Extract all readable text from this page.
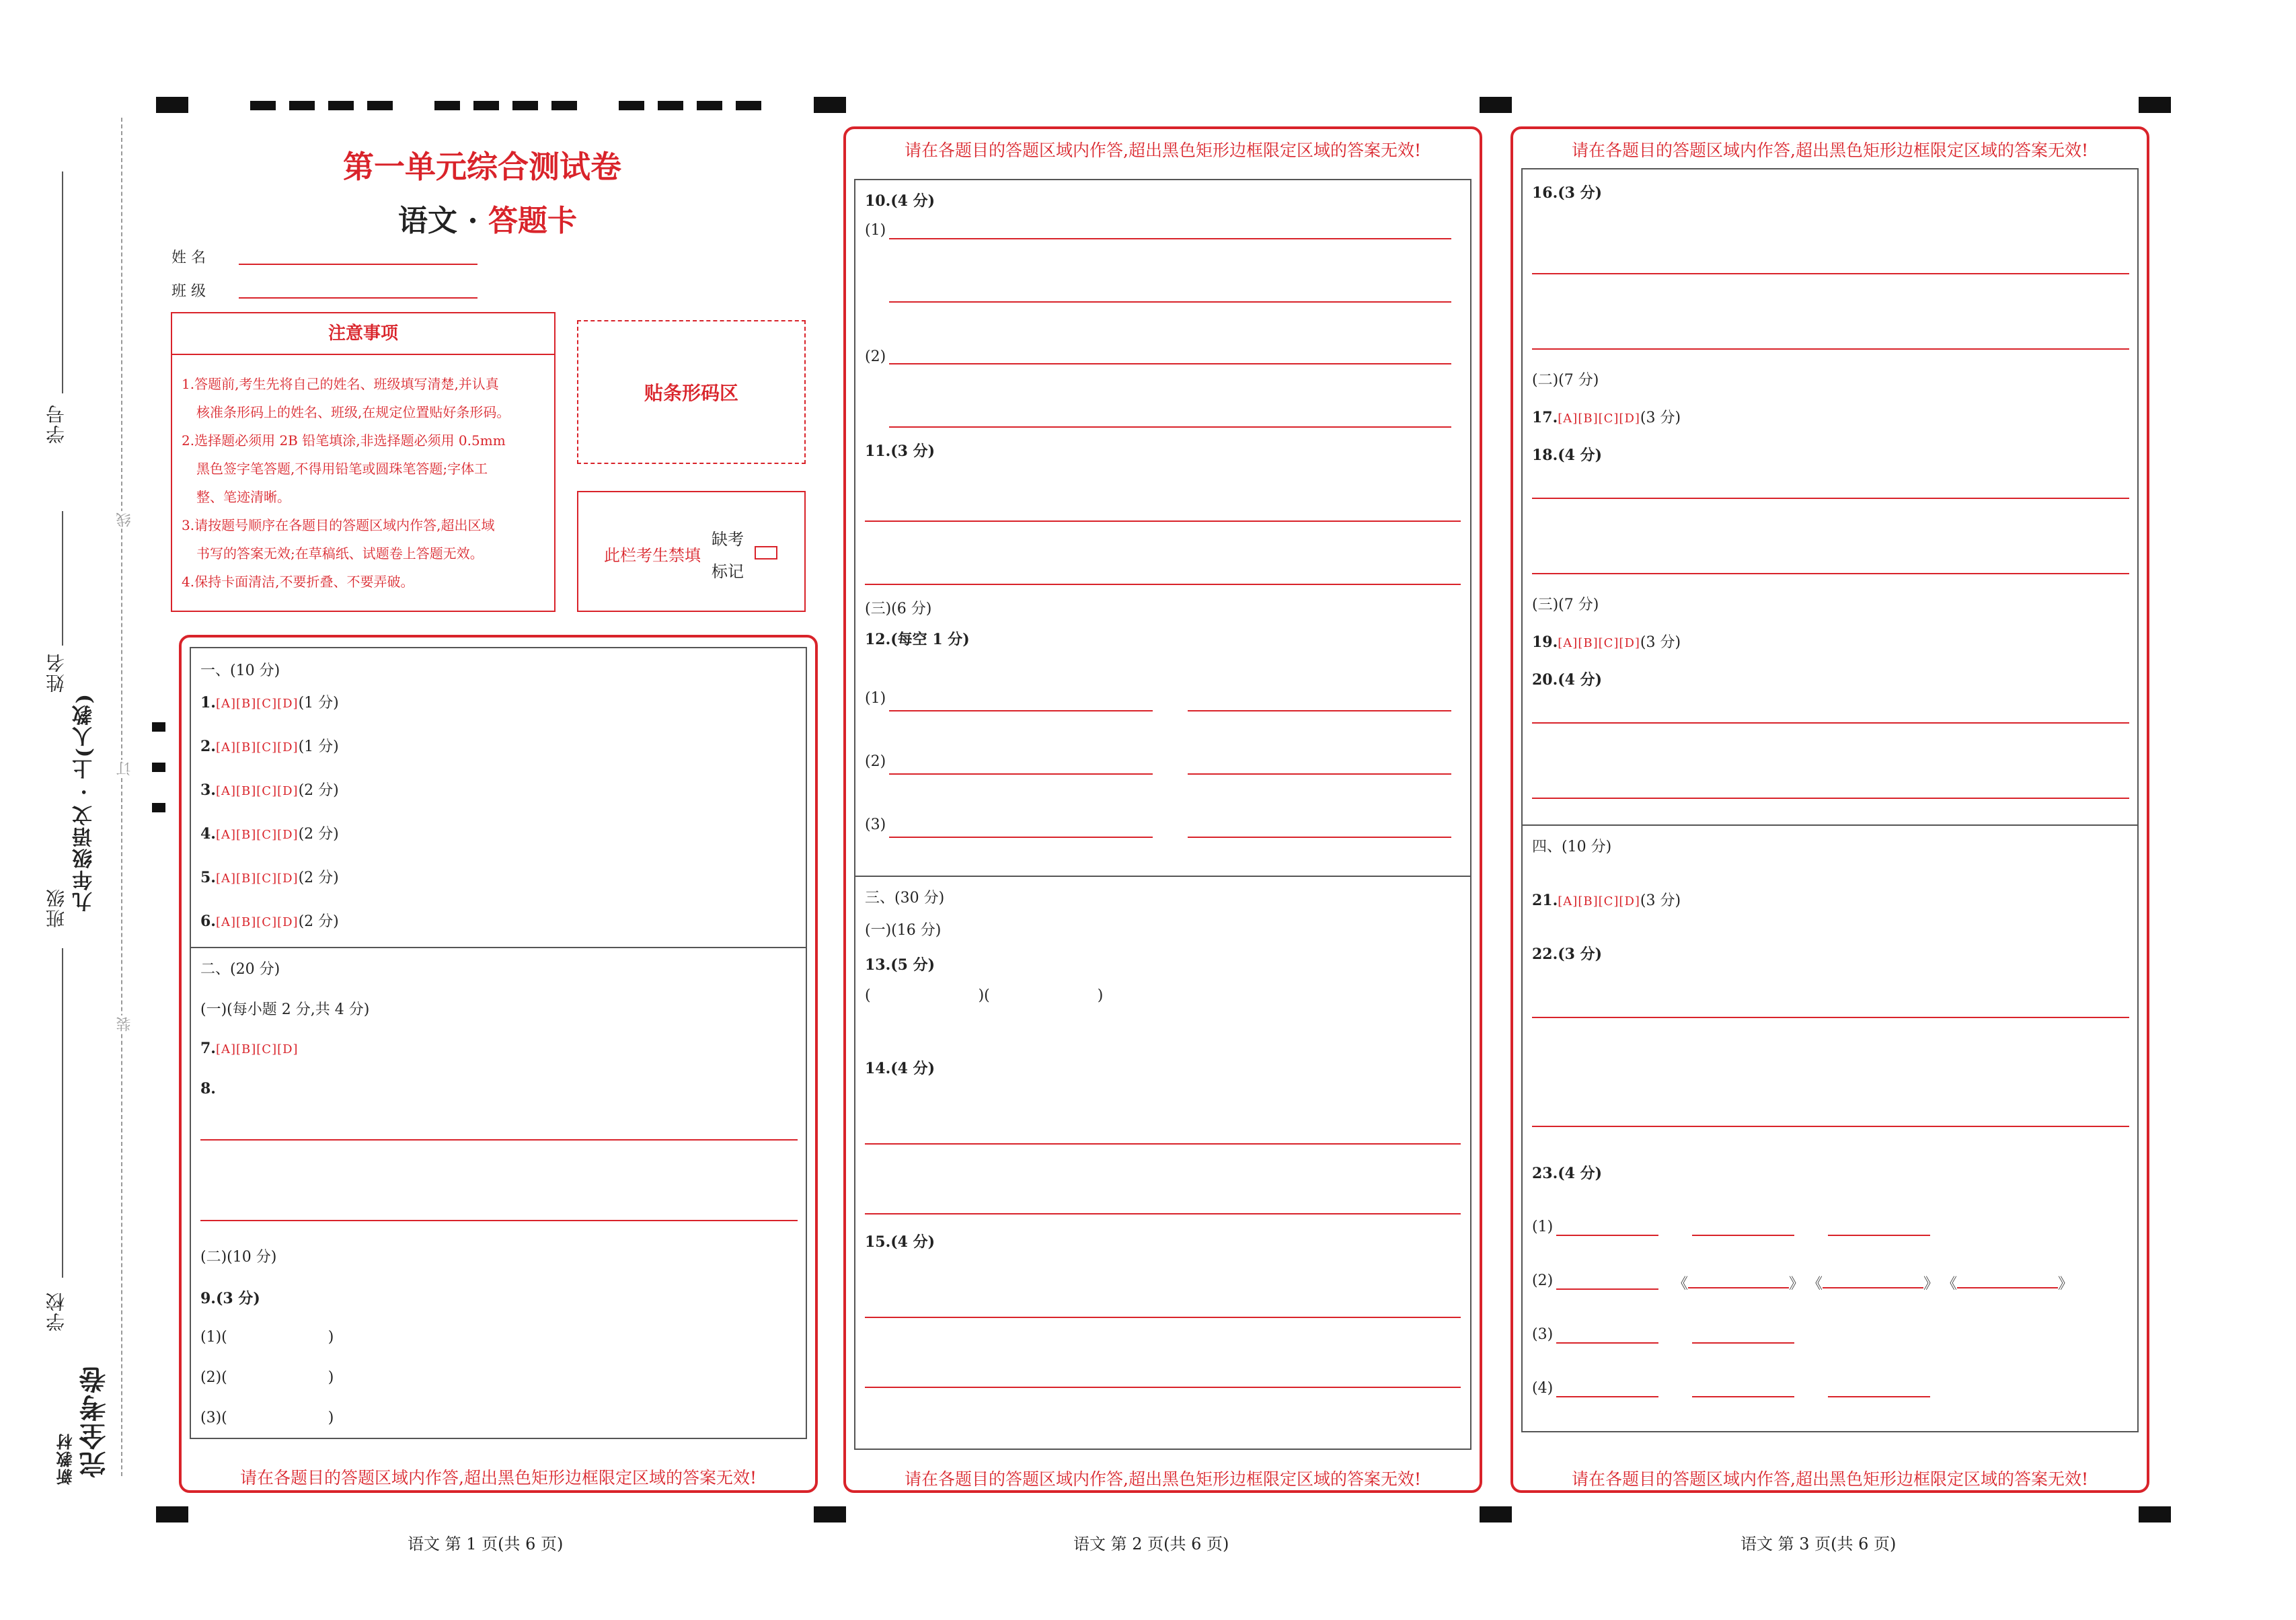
学号
姓名
九年级语文 · 上(人教)
班级
学校
新教材 完全考卷
线
订
装
第一单元综合测试卷
语文 · 答题卡
姓 名
班 级
注意事项
1.答题前,考生先将自己的姓名、班级填写清楚,并认真
核准条形码上的姓名、班级,在规定位置贴好条形码。
2.选择题必须用 2B 铅笔填涂,非选择题必须用 0.5mm
黑色签字笔答题,不得用铅笔或圆珠笔答题;字体工
整、笔迹清晰。
3.请按题号顺序在各题目的答题区域内作答,超出区域
书写的答案无效;在草稿纸、试题卷上答题无效。
4.保持卡面清洁,不要折叠、不要弄破。
贴条形码区
此栏考生禁填
缺考
标记
一、(10 分)
1.[A][B][C][D](1 分)
2.[A][B][C][D](1 分)
3.[A][B][C][D](2 分)
4.[A][B][C][D](2 分)
5.[A][B][C][D](2 分)
6.[A][B][C][D](2 分)
二、(20 分)
(一)(每小题 2 分,共 4 分)
7.[A][B][C][D]
8.
(二)(10 分)
9.(3 分)
(1)(	)
(2)(	)
(3)(	)
请在各题目的答题区域内作答,超出黑色矩形边框限定区域的答案无效!
请在各题目的答题区域内作答,超出黑色矩形边框限定区域的答案无效!
10.(4 分)
(1)
(2)
11.(3 分)
(三)(6 分)
12.(每空 1 分)
(1)
(2)
(3)
三、(30 分)
(一)(16 分)
13.(5 分)
(	)(	)
14.(4 分)
15.(4 分)
请在各题目的答题区域内作答,超出黑色矩形边框限定区域的答案无效!
请在各题目的答题区域内作答,超出黑色矩形边框限定区域的答案无效!
16.(3 分)
(二)(7 分)
17.[A][B][C][D](3 分)
18.(4 分)
(三)(7 分)
19.[A][B][C][D](3 分)
20.(4 分)
四、(10 分)
21.[A][B][C][D](3 分)
22.(3 分)
23.(4 分)
(1)
(2)	《	》 《	》 《	》
(3)
(4)
请在各题目的答题区域内作答,超出黑色矩形边框限定区域的答案无效!
语文 第 1 页(共 6 页)	语文 第 2 页(共 6 页)	语文 第 3 页(共 6 页)
